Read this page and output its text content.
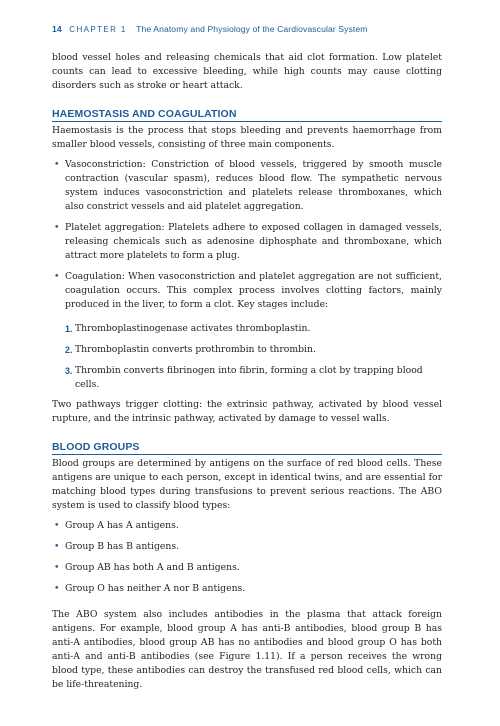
14 CHAPTER 1 The Anatomy and Physiology of the Cardiovascular System

blood vessel holes and releasing chemicals that aid clot formation. Low platelet counts can lead to excessive bleeding, while high counts may cause clotting disorders such as stroke or heart attack.

HAEMOSTASIS AND COAGULATION

Haemostasis is the process that stops bleeding and prevents haemorrhage from smaller blood vessels, consisting of three main components.

• Vasoconstriction: Constriction of blood vessels, triggered by smooth muscle contraction (vascular spasm), reduces blood flow. The sympathetic nervous system induces vasoconstriction and platelets release thromboxanes, which also constrict vessels and aid platelet aggregation.
• Platelet aggregation: Platelets adhere to exposed collagen in damaged vessels, releasing chemicals such as adenosine diphosphate and thromboxane, which attract more platelets to form a plug.
• Coagulation: When vasoconstriction and platelet aggregation are not sufficient, coagulation occurs. This complex process involves clotting factors, mainly produced in the liver, to form a clot. Key stages include:
1. Thromboplastinogenase activates thromboplastin.
2. Thromboplastin converts prothrombin to thrombin.
3. Thrombin converts fibrinogen into fibrin, forming a clot by trapping blood cells.

Two pathways trigger clotting: the extrinsic pathway, activated by blood vessel rupture, and the intrinsic pathway, activated by damage to vessel walls.

BLOOD GROUPS

Blood groups are determined by antigens on the surface of red blood cells. These antigens are unique to each person, except in identical twins, and are essential for matching blood types during transfusions to prevent serious reactions. The ABO system is used to classify blood types:

• Group A has A antigens.
• Group B has B antigens.
• Group AB has both A and B antigens.
• Group O has neither A nor B antigens.

The ABO system also includes antibodies in the plasma that attack foreign antigens. For example, blood group A has anti-B antibodies, blood group B has anti-A antibodies, blood group AB has no antibodies and blood group O has both anti-A and anti-B antibodies (see Figure 1.11). If a person receives the wrong blood type, these antibodies can destroy the transfused red blood cells, which can be life-threatening.
